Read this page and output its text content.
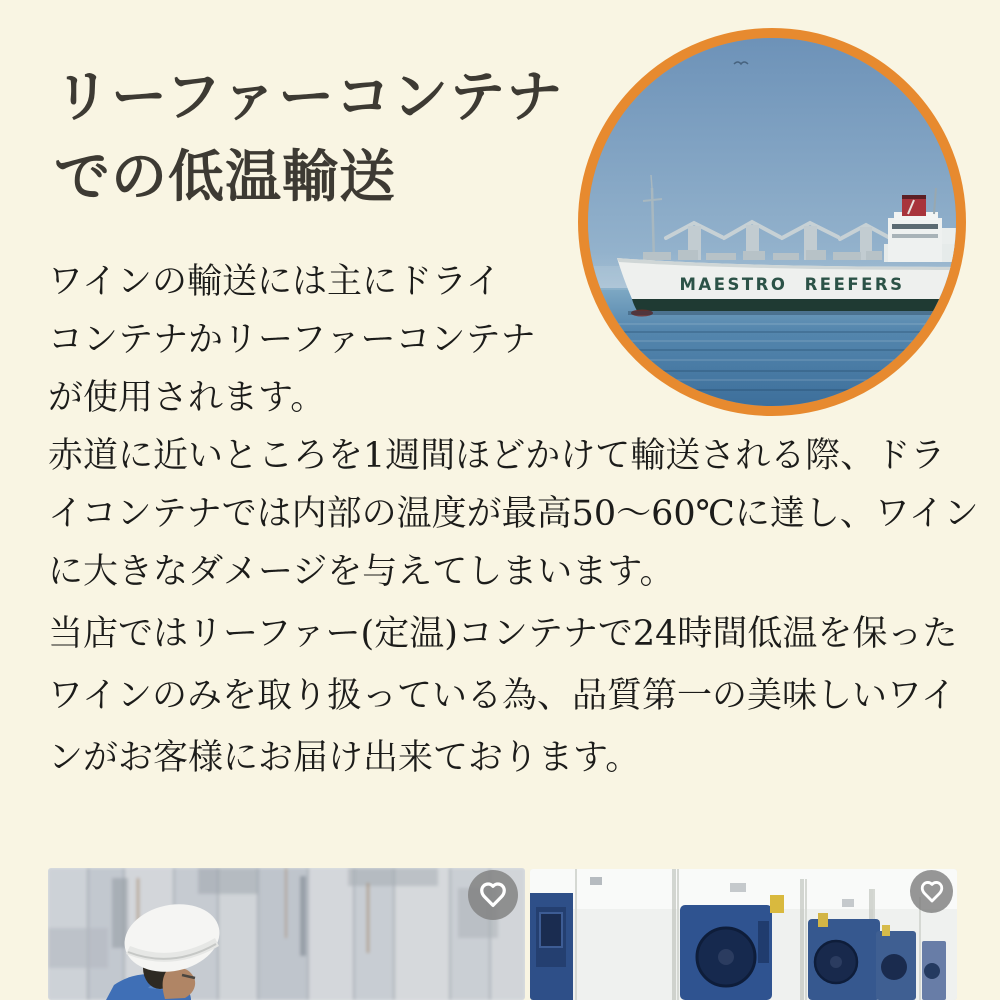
リーファーコンテナ
での低温輸送
MAESTRO REEFERS
ワインの輸送には主にドライ
コンテナかリーファーコンテナ
が使用されます。
赤道に近いところを1週間ほどかけて輸送される際、ドラ
イコンテナでは内部の温度が最高50〜60℃に達し、ワイン
に大きなダメージを与えてしまいます。
当店ではリーファー(定温)コンテナで24時間低温を保った
ワインのみを取り扱っている為、品質第一の美味しいワイ
ンがお客様にお届け出来ております。
